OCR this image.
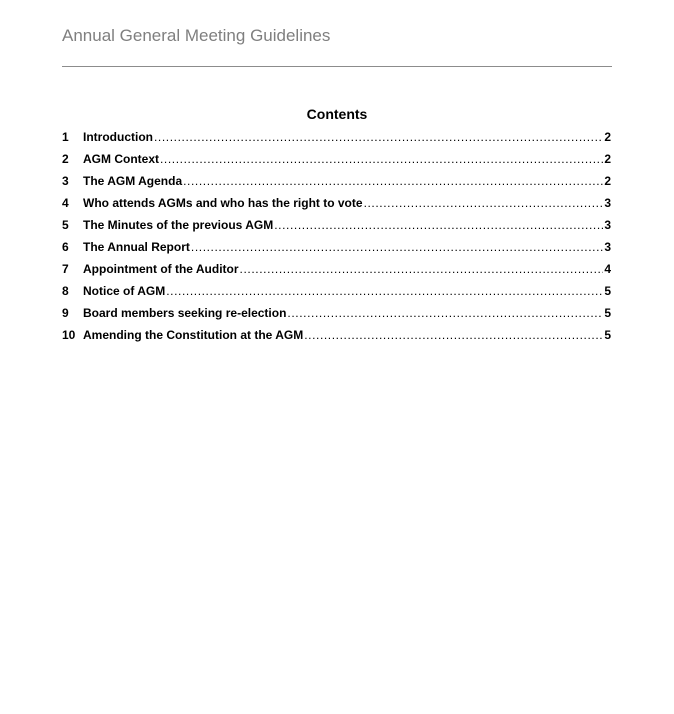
Annual General Meeting Guidelines
Contents
1	Introduction .....	2
2	AGM Context .....	2
3	The AGM Agenda .....	2
4	Who attends AGMs and who has the right to vote .....	3
5	The Minutes of the previous AGM .....	3
6	The Annual Report .....	3
7	Appointment of the Auditor .....	4
8	Notice of AGM .....	5
9	Board members seeking re-election .....	5
10 Amending the Constitution at the AGM .....	5
